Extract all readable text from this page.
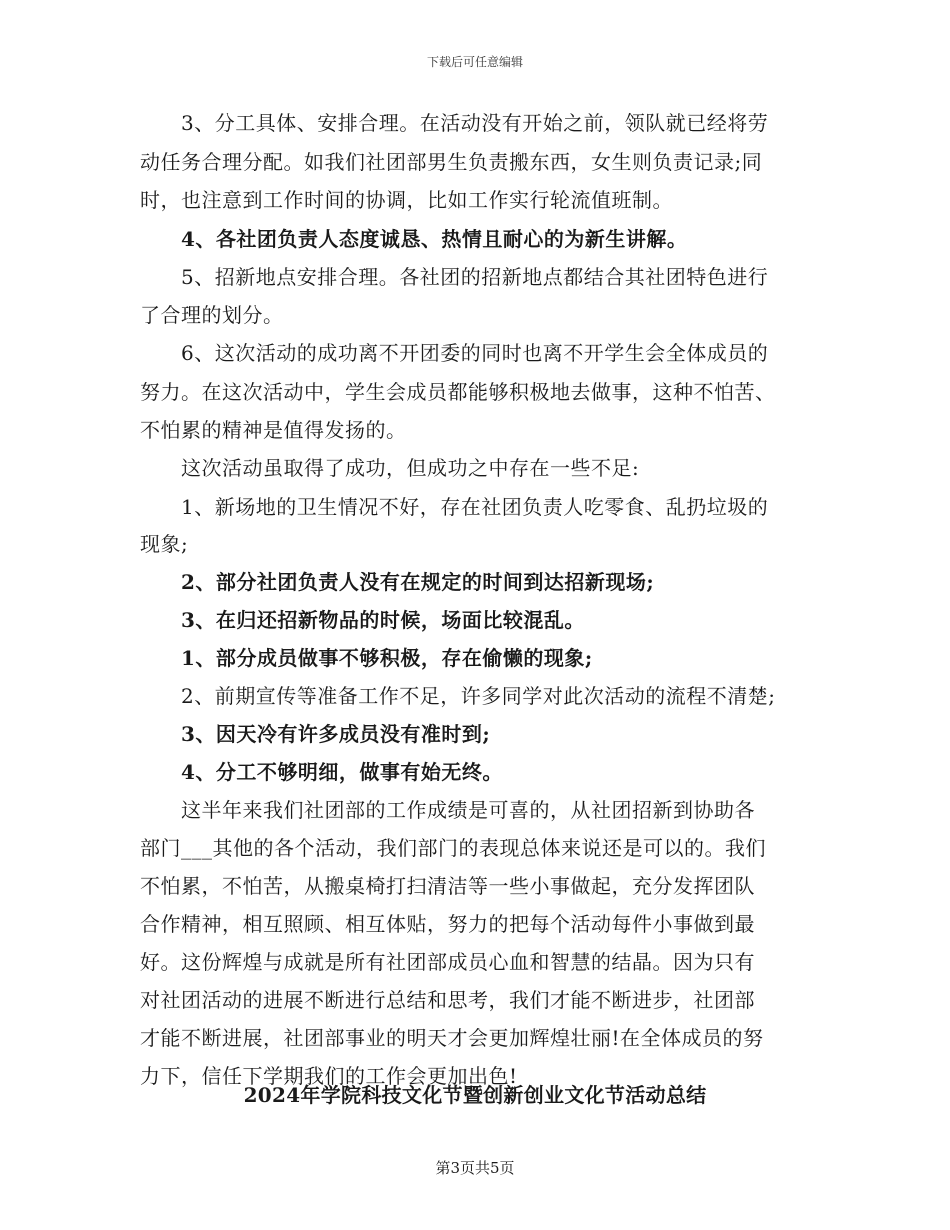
下载后可任意编辑
　　3、分工具体、安排合理。在活动没有开始之前，领队就已经将劳
动任务合理分配。如我们社团部男生负责搬东西，女生则负责记录;同
时，也注意到工作时间的协调，比如工作实行轮流值班制。
　　4、各社团负责人态度诚恳、热情且耐心的为新生讲解。
　　5、招新地点安排合理。各社团的招新地点都结合其社团特色进行
了合理的划分。
　　6、这次活动的成功离不开团委的同时也离不开学生会全体成员的
努力。在这次活动中，学生会成员都能够积极地去做事，这种不怕苦、
不怕累的精神是值得发扬的。
　　这次活动虽取得了成功，但成功之中存在一些不足:
　　1、新场地的卫生情况不好，存在社团负责人吃零食、乱扔垃圾的
现象;
　　2、部分社团负责人没有在规定的时间到达招新现场;
　　3、在归还招新物品的时候，场面比较混乱。
　　1、部分成员做事不够积极，存在偷懒的现象;
　　2、前期宣传等准备工作不足，许多同学对此次活动的流程不清楚;
　　3、因天冷有许多成员没有准时到;
　　4、分工不够明细，做事有始无终。
　　这半年来我们社团部的工作成绩是可喜的，从社团招新到协助各
部门___其他的各个活动，我们部门的表现总体来说还是可以的。我们
不怕累，不怕苦，从搬桌椅打扫清洁等一些小事做起，充分发挥团队
合作精神，相互照顾、相互体贴，努力的把每个活动每件小事做到最
好。这份辉煌与成就是所有社团部成员心血和智慧的结晶。因为只有
对社团活动的进展不断进行总结和思考，我们才能不断进步，社团部
才能不断进展，社团部事业的明天才会更加辉煌壮丽!在全体成员的努
力下，信任下学期我们的工作会更加出色!
2024年学院科技文化节暨创新创业文化节活动总结
第3页共5页
